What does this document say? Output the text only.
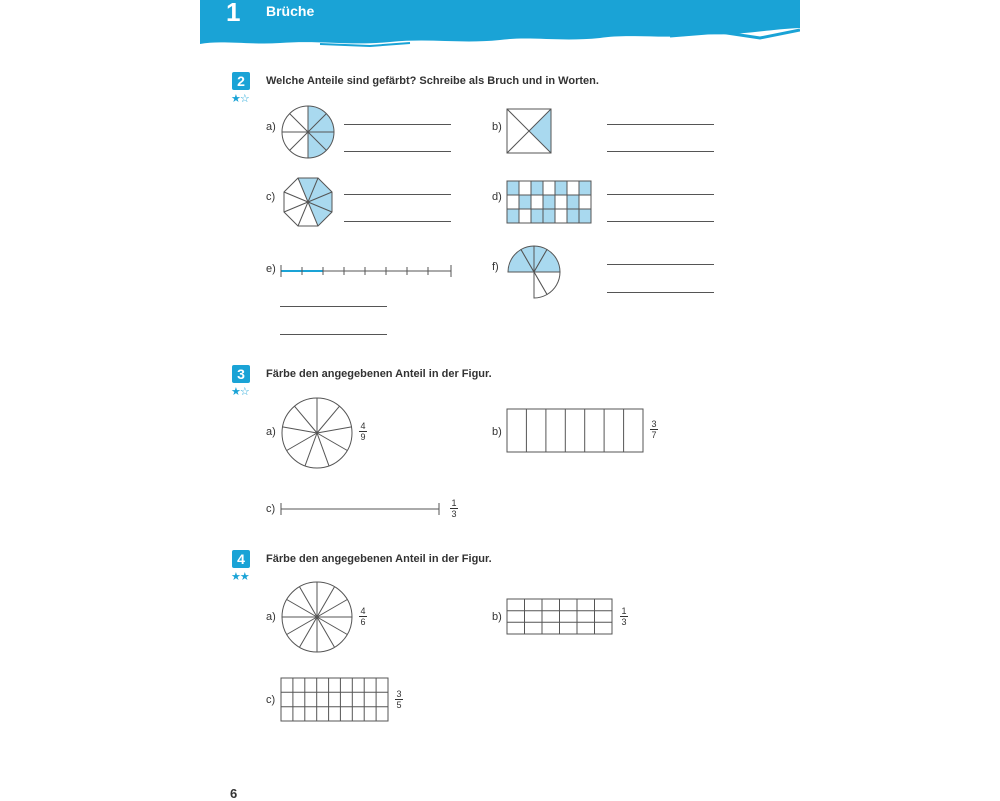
1 Brüche
2
★☆
Welche Anteile sind gefärbt? Schreibe als Bruch und in Worten.
a)	b)
c)	d)
e)	f)
3
★☆
Färbe den angegebenen Anteil in der Figur.
a)	4
9	b)
3
7
c)	1
3
4
★★
Färbe den angegebenen Anteil in der Figur.
a)	4
6	b)	1
3
c)	3
5
6
